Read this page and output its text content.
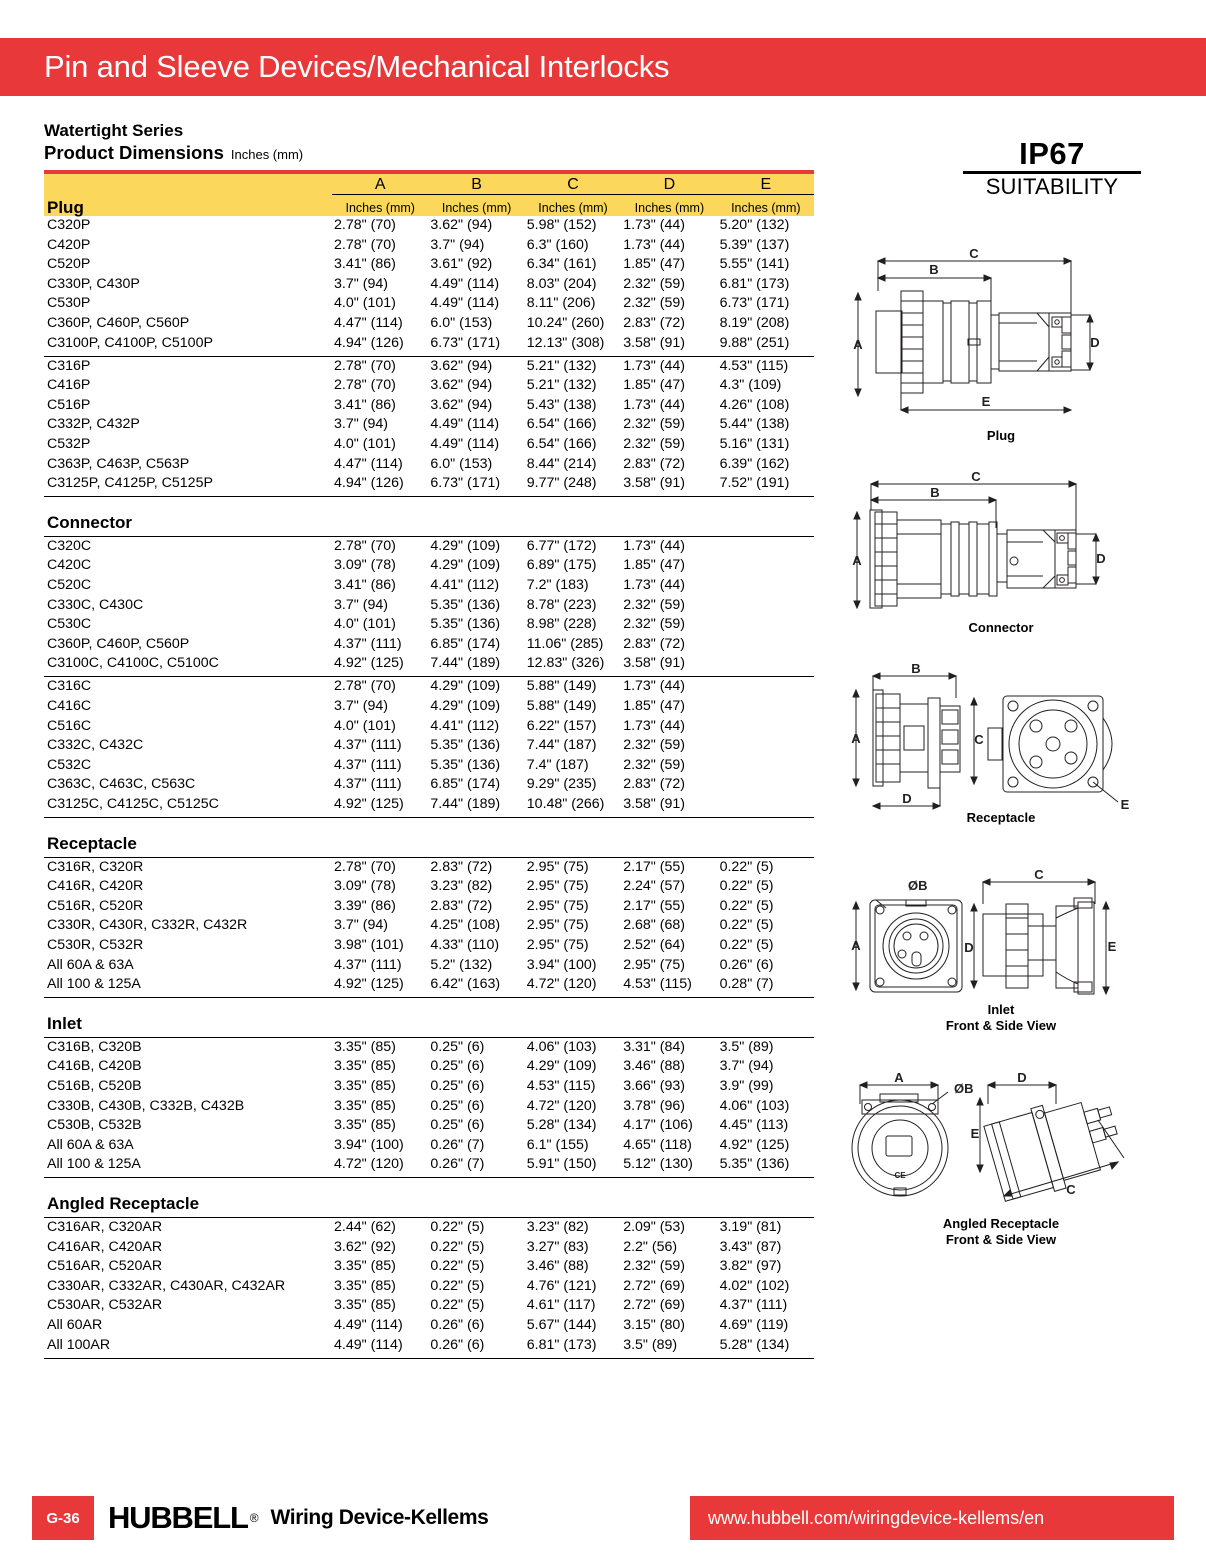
Pin and Sleeve Devices/Mechanical Interlocks
Watertight Series
Product Dimensions Inches (mm)

	A	B	C	D	E
Plug	Inches (mm)	Inches (mm)	Inches (mm)	Inches (mm)	Inches (mm)
C320P	2.78" (70)	3.62" (94)	5.98" (152)	1.73" (44)	5.20" (132)
C420P	2.78" (70)	3.7" (94)	6.3" (160)	1.73" (44)	5.39" (137)
C520P	3.41" (86)	3.61" (92)	6.34" (161)	1.85" (47)	5.55" (141)
C330P, C430P	3.7" (94)	4.49" (114)	8.03" (204)	2.32" (59)	6.81" (173)
C530P	4.0" (101)	4.49" (114)	8.11" (206)	2.32" (59)	6.73" (171)
C360P, C460P, C560P	4.47" (114)	6.0" (153)	10.24" (260)	2.83" (72)	8.19" (208)
C3100P, C4100P, C5100P	4.94" (126)	6.73" (171)	12.13" (308)	3.58" (91)	9.88" (251)

C316P	2.78" (70)	3.62" (94)	5.21" (132)	1.73" (44)	4.53" (115)
C416P	2.78" (70)	3.62" (94)	5.21" (132)	1.85" (47)	4.3" (109)
C516P	3.41" (86)	3.62" (94)	5.43" (138)	1.73" (44)	4.26" (108)
C332P, C432P	3.7" (94)	4.49" (114)	6.54" (166)	2.32" (59)	5.44" (138)
C532P	4.0" (101)	4.49" (114)	6.54" (166)	2.32" (59)	5.16" (131)
C363P, C463P, C563P	4.47" (114)	6.0" (153)	8.44" (214)	2.83" (72)	6.39" (162)
C3125P, C4125P, C5125P	4.94" (126)	6.73" (171)	9.77" (248)	3.58" (91)	7.52" (191)

Connector					
C320C	2.78" (70)	4.29" (109)	6.77" (172)	1.73" (44)	
C420C	3.09" (78)	4.29" (109)	6.89" (175)	1.85" (47)	
C520C	3.41" (86)	4.41" (112)	7.2" (183)	1.73" (44)	
C330C, C430C	3.7" (94)	5.35" (136)	8.78" (223)	2.32" (59)	
C530C	4.0" (101)	5.35" (136)	8.98" (228)	2.32" (59)	
C360P, C460P, C560P	4.37" (111)	6.85" (174)	11.06" (285)	2.83" (72)	
C3100C, C4100C, C5100C	4.92" (125)	7.44" (189)	12.83" (326)	3.58" (91)	

C316C	2.78" (70)	4.29" (109)	5.88" (149)	1.73" (44)	
C416C	3.7" (94)	4.29" (109)	5.88" (149)	1.85" (47)	
C516C	4.0" (101)	4.41" (112)	6.22" (157)	1.73" (44)	
C332C, C432C	4.37" (111)	5.35" (136)	7.44" (187)	2.32" (59)	
C532C	4.37" (111)	5.35" (136)	7.4" (187)	2.32" (59)	
C363C, C463C, C563C	4.37" (111)	6.85" (174)	9.29" (235)	2.83" (72)	
C3125C, C4125C, C5125C	4.92" (125)	7.44" (189)	10.48" (266)	3.58" (91)	

Receptacle					
C316R, C320R	2.78" (70)	2.83" (72)	2.95" (75)	2.17" (55)	0.22" (5)
C416R, C420R	3.09" (78)	3.23" (82)	2.95" (75)	2.24" (57)	0.22" (5)
C516R, C520R	3.39" (86)	2.83" (72)	2.95" (75)	2.17" (55)	0.22" (5)
C330R, C430R, C332R, C432R	3.7" (94)	4.25" (108)	2.95" (75)	2.68" (68)	0.22" (5)
C530R, C532R	3.98" (101)	4.33" (110)	2.95" (75)	2.52" (64)	0.22" (5)
All 60A & 63A	4.37" (111)	5.2" (132)	3.94" (100)	2.95" (75)	0.26" (6)
All 100 & 125A	4.92" (125)	6.42" (163)	4.72" (120)	4.53" (115)	0.28" (7)

Inlet					
C316B, C320B	3.35" (85)	0.25" (6)	4.06" (103)	3.31" (84)	3.5" (89)
C416B, C420B	3.35" (85)	0.25" (6)	4.29" (109)	3.46" (88)	3.7" (94)
C516B, C520B	3.35" (85)	0.25" (6)	4.53" (115)	3.66" (93)	3.9" (99)
C330B, C430B, C332B, C432B	3.35" (85)	0.25" (6)	4.72" (120)	3.78" (96)	4.06" (103)
C530B, C532B	3.35" (85)	0.25" (6)	5.28" (134)	4.17" (106)	4.45" (113)
All 60A & 63A	3.94" (100)	0.26" (7)	6.1" (155)	4.65" (118)	4.92" (125)
All 100 & 125A	4.72" (120)	0.26" (7)	5.91" (150)	5.12" (130)	5.35" (136)

Angled Receptacle					
C316AR, C320AR	2.44" (62)	0.22" (5)	3.23" (82)	2.09" (53)	3.19" (81)
C416AR, C420AR	3.62" (92)	0.22" (5)	3.27" (83)	2.2" (56)	3.43" (87)
C516AR, C520AR	3.35" (85)	0.22" (5)	3.46" (88)	2.32" (59)	3.82" (97)
C330AR, C332AR, C430AR, C432AR	3.35" (85)	0.22" (5)	4.76" (121)	2.72" (69)	4.02" (102)
C530AR, C532AR	3.35" (85)	0.22" (5)	4.61" (117)	2.72" (69)	4.37" (111)
All 60AR	4.49" (114)	0.26" (6)	5.67" (144)	3.15" (80)	4.69" (119)
All 100AR	4.49" (114)	0.26" (6)	6.81" (173)	3.5" (89)	5.28" (134)

IP67
SUITABILITY
C
B
A
E
D
Plug
C
B
A	D
Connector
B
A	C
D	E
Receptacle
A
C
D	E
ØB
Inlet
Front & Side View
A	D
E
C
ØB
CE
Angled Receptacle
Front & Side View
G-36 HUBBELL ® Wiring Device-Kellems	www.hubbell.com/wiringdevice-kellems/en
